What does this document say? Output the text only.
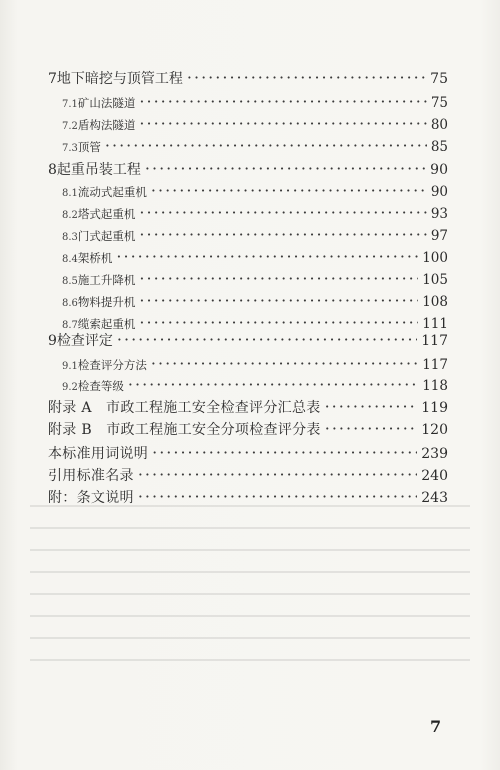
7 地下暗挖与顶管工程 ·····	75
7.1 矿山法隧道 ·····	75
7.2 盾构法隧道 ·····	80
7.3 顶管 ·····	85
8 起重吊装工程 ·····	90
8.1 流动式起重机 ·····	90
8.2 塔式起重机 ·····	93
8.3 门式起重机 ·····	97
8.4 架桥机 ·····	100
8.5 施工升降机 ·····	105
8.6 物料提升机 ·····	108
8.7 缆索起重机 ·····	111
9 检查评定 ·····	117
9.1 检查评分方法 ·····	117
9.2 检查等级 ·····	118
附录 A　市政工程施工安全检查评分汇总表 ·····	119
附录 B　市政工程施工安全分项检查评分表 ·····	120
本标准用词说明 ·····	239
引用标准名录 ·····	240
附：条文说明 ·····	243
7
